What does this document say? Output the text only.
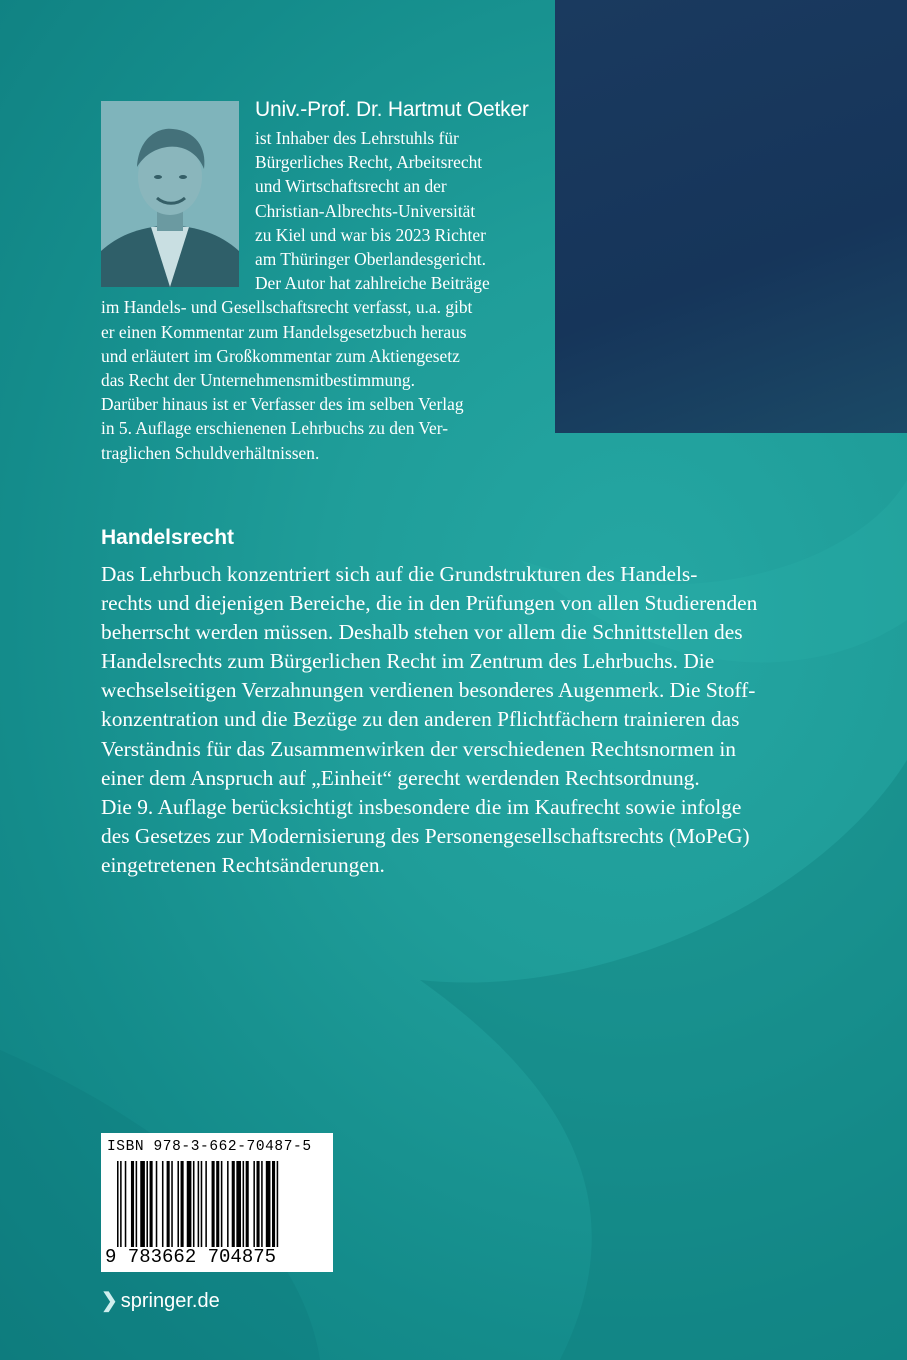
Univ.-Prof. Dr. Hartmut Oetker
ist Inhaber des Lehrstuhls für
Bürgerliches Recht, Arbeitsrecht
und Wirtschaftsrecht an der
Christian-Albrechts-Universität
zu Kiel und war bis 2023 Richter
am Thüringer Oberlandesgericht.
Der Autor hat zahlreiche Beiträge
im Handels- und Gesellschaftsrecht verfasst, u.a. gibt
er einen Kommentar zum Handelsgesetzbuch heraus
und erläutert im Großkommentar zum Aktiengesetz
das Recht der Unternehmensmitbestimmung.
Darüber hinaus ist er Verfasser des im selben Verlag
in 5. Auflage erschienenen Lehrbuchs zu den Ver-
traglichen Schuldverhältnissen.
Handelsrecht
Das Lehrbuch konzentriert sich auf die Grundstrukturen des Handels-
rechts und diejenigen Bereiche, die in den Prüfungen von allen Studierenden
beherrscht werden müssen. Deshalb stehen vor allem die Schnittstellen des
Handelsrechts zum Bürgerlichen Recht im Zentrum des Lehrbuchs. Die
wechselseitigen Verzahnungen verdienen besonderes Augenmerk. Die Stoff-
konzentration und die Bezüge zu den anderen Pflichtfächern trainieren das
Verständnis für das Zusammenwirken der verschiedenen Rechtsnormen in
einer dem Anspruch auf „Einheit“ gerecht werdenden Rechtsordnung.
Die 9. Auflage berücksichtigt insbesondere die im Kaufrecht sowie infolge
des Gesetzes zur Modernisierung des Personengesellschaftsrechts (MoPeG)
eingetretenen Rechtsänderungen.
ISBN 978-3-662-70487-5
9 783662 704875
❯ springer.de
